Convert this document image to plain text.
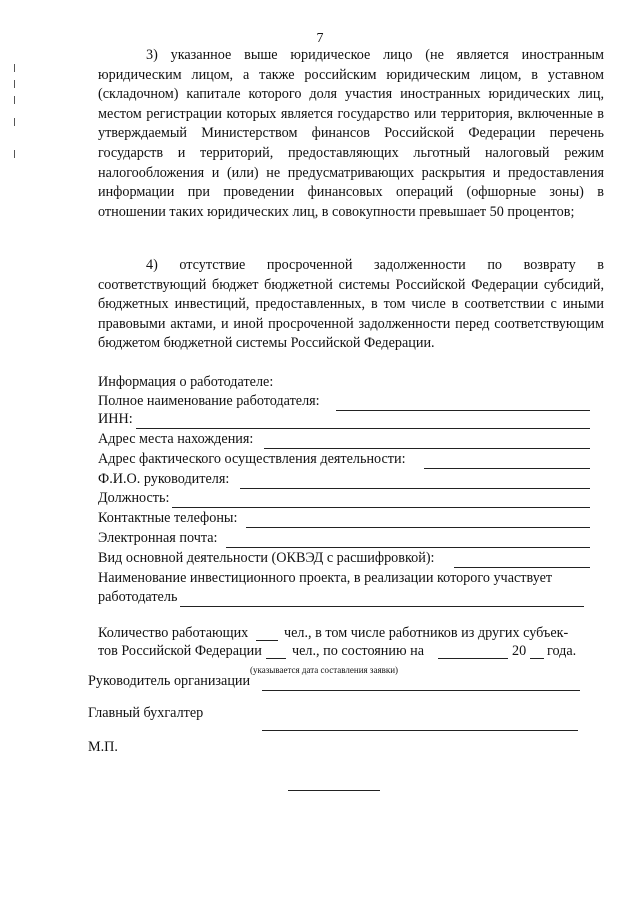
7
3) указанное выше юридическое лицо (не является иностранным юридическим лицом, а также российским юридическим лицом, в уставном (складочном) капитале которого доля участия иностранных юридических лиц, местом регистрации которых является государство или территория, включенные в утверждаемый Министерством финансов Российской Федерации перечень государств и территорий, предоставляющих льготный налоговый режим налогообложения и (или) не предусматривающих раскрытия и предоставления информации при проведении финансовых операций (офшорные зоны) в отношении таких юридических лиц, в совокупности превышает 50 процентов;
4) отсутствие просроченной задолженности по возврату в соответствующий бюджет бюджетной системы Российской Федерации субсидий, бюджетных инвестиций, предоставленных, в том числе в соответствии с иными правовыми актами, и иной просроченной задолженности перед соответствующим бюджетом бюджетной системы Российской Федерации.
Информация о работодателе:
Полное наименование работодателя:
ИНН:
Адрес места нахождения:
Адрес фактического осуществления деятельности:
Ф.И.О. руководителя:
Должность:
Контактные телефоны:
Электронная почта:
Вид основной деятельности (ОКВЭД с расшифровкой):
Наименование инвестиционного проекта, в реализации которого участвует
работодатель
Количество работающих	чел., в том числе работников из других субъек-
тов Российской Федерации чел., по состоянию на	20 года.
(указывается дата составления заявки)
Руководитель организации
Главный бухгалтер
М.П.
